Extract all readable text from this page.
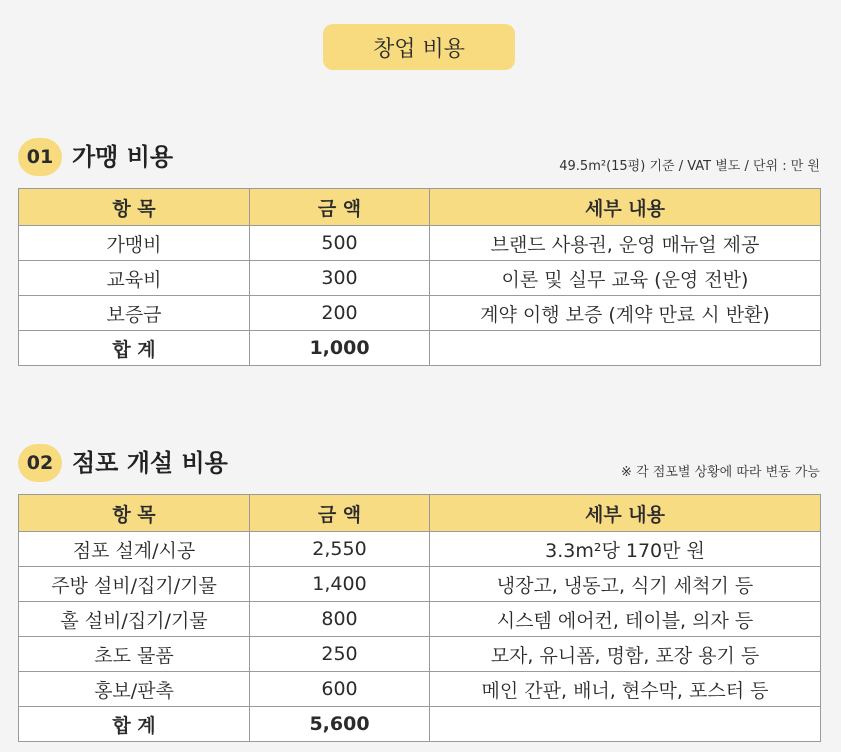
창업 비용
01 가맹 비용	49.5m²(15평) 기준 / VAT 별도 / 단위 : 만 원
항 목	금 액	세부 내용
가맹비	500	브랜드 사용권, 운영 매뉴얼 제공
교육비	300	이론 및 실무 교육 (운영 전반)
보증금	200	계약 이행 보증 (계약 만료 시 반환)
합 계	1,000	
02 점포 개설 비용	※ 각 점포별 상황에 따라 변동 가능
항 목	금 액	세부 내용
점포 설계/시공	2,550	3.3m²당 170만 원
주방 설비/집기/기물	1,400	냉장고, 냉동고, 식기 세척기 등
홀 설비/집기/기물	800	시스템 에어컨, 테이블, 의자 등
초도 물품	250	모자, 유니폼, 명함, 포장 용기 등
홍보/판촉	600	메인 간판, 배너, 현수막, 포스터 등
합 계	5,600	
